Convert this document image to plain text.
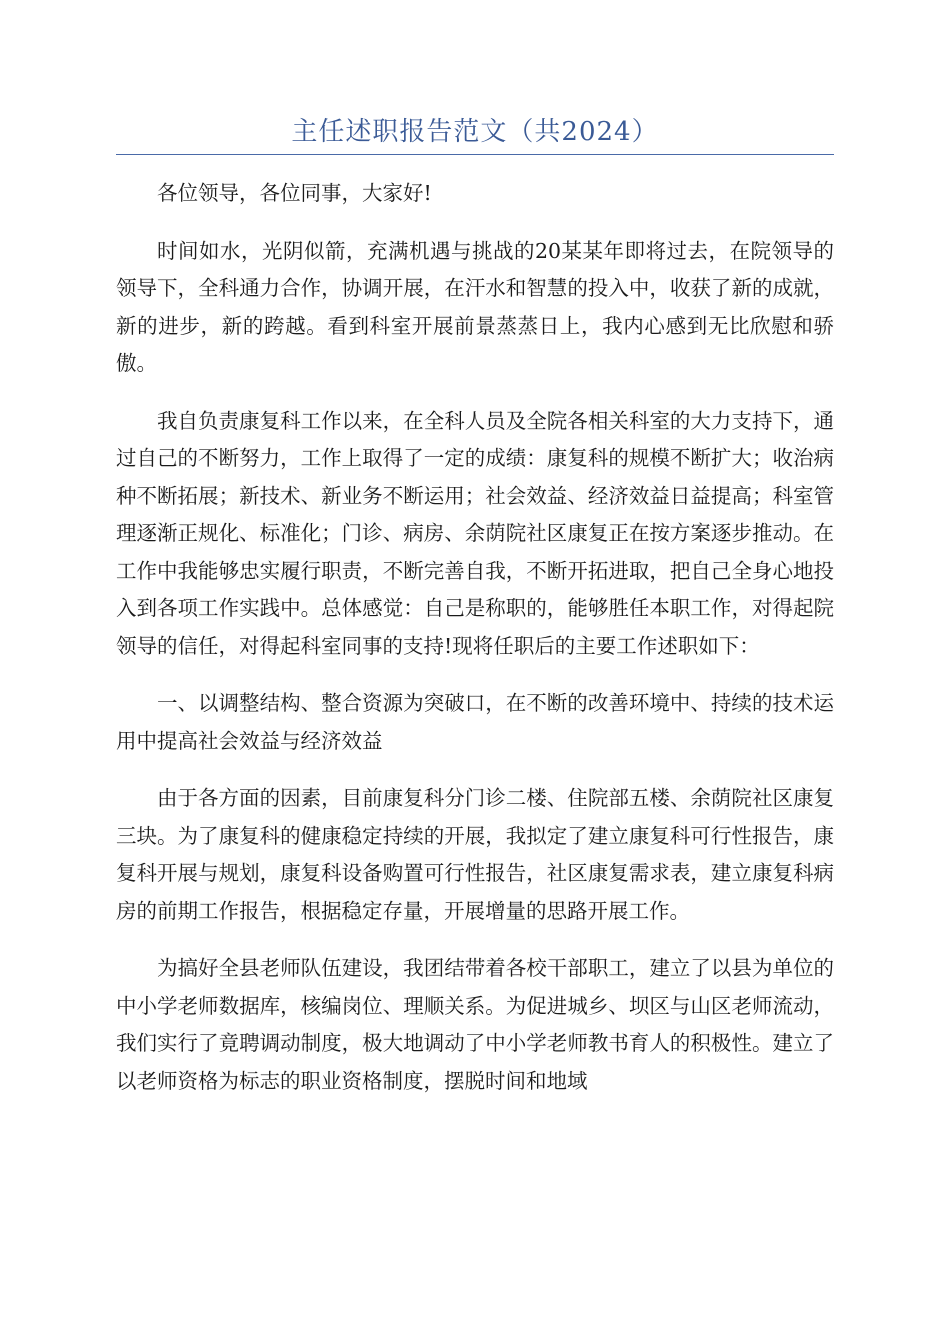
主任述职报告范文（共2024）

各位领导，各位同事，大家好!

时间如水，光阴似箭，充满机遇与挑战的20某某年即将过去，在院领导的领导下，全科通力合作，协调开展，在汗水和智慧的投入中，收获了新的成就，新的进步，新的跨越。看到科室开展前景蒸蒸日上，我内心感到无比欣慰和骄傲。

我自负责康复科工作以来，在全科人员及全院各相关科室的大力支持下，通过自己的不断努力，工作上取得了一定的成绩：康复科的规模不断扩大；收治病种不断拓展；新技术、新业务不断运用；社会效益、经济效益日益提高；科室管理逐渐正规化、标准化；门诊、病房、余荫院社区康复正在按方案逐步推动。在工作中我能够忠实履行职责，不断完善自我，不断开拓进取，把自己全身心地投入到各项工作实践中。总体感觉：自己是称职的，能够胜任本职工作，对得起院领导的信任，对得起科室同事的支持!现将任职后的主要工作述职如下：

一、以调整结构、整合资源为突破口，在不断的改善环境中、持续的技术运用中提高社会效益与经济效益

由于各方面的因素，目前康复科分门诊二楼、住院部五楼、余荫院社区康复三块。为了康复科的健康稳定持续的开展，我拟定了建立康复科可行性报告，康复科开展与规划，康复科设备购置可行性报告，社区康复需求表，建立康复科病房的前期工作报告，根据稳定存量，开展增量的思路开展工作。

为搞好全县老师队伍建设，我团结带着各校干部职工，建立了以县为单位的中小学老师数据库，核编岗位、理顺关系。为促进城乡、坝区与山区老师流动，我们实行了竟聘调动制度，极大地调动了中小学老师教书育人的积极性。建立了以老师资格为标志的职业资格制度，摆脱时间和地域
